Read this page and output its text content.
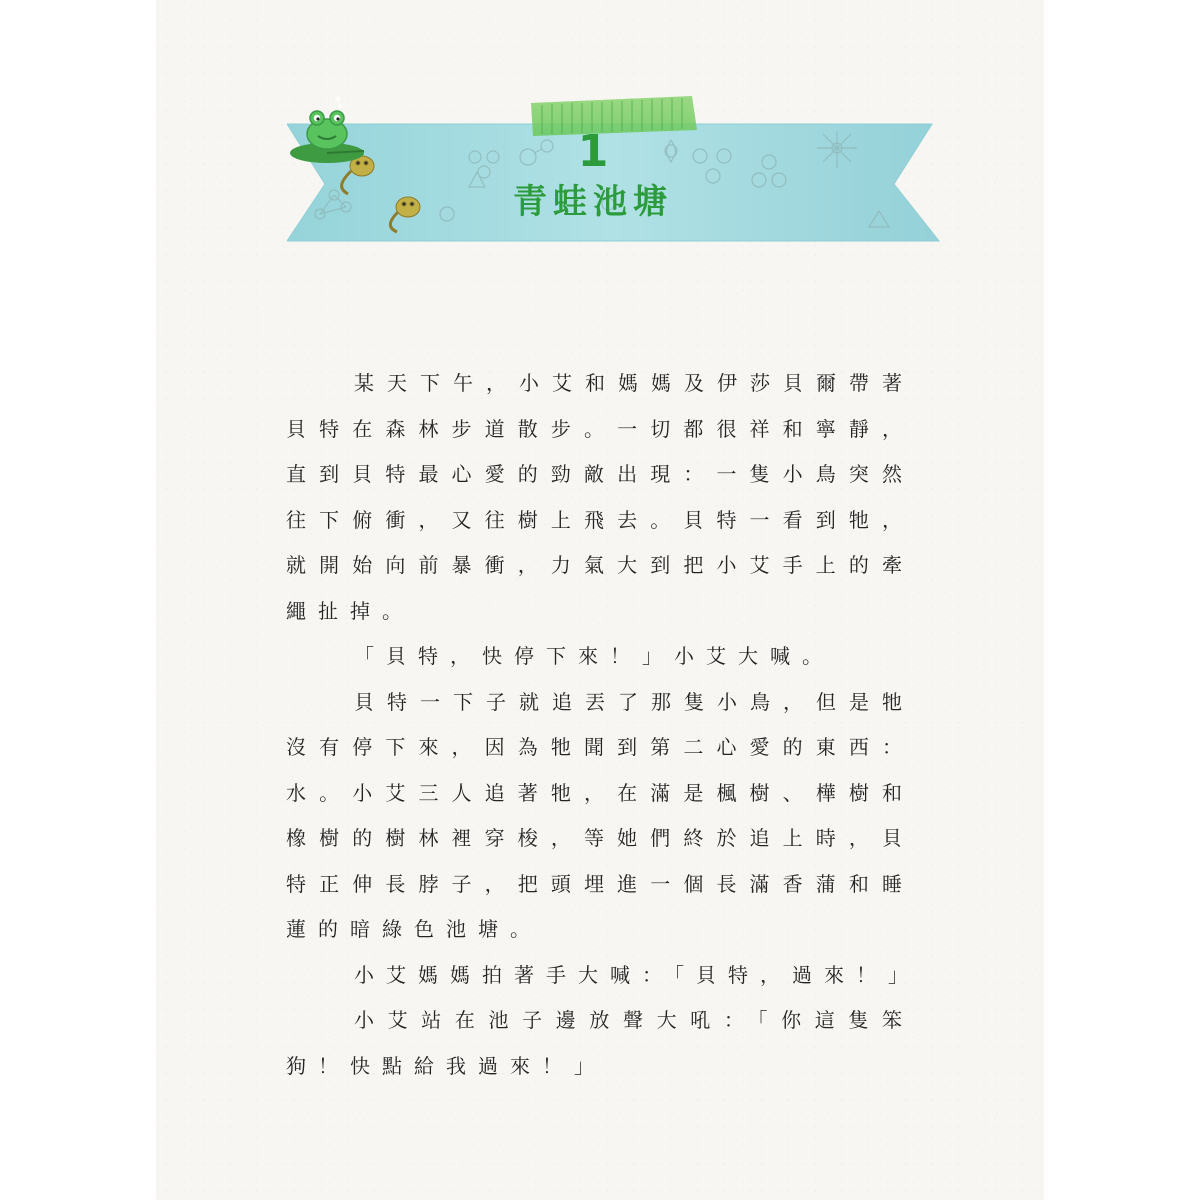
1
青蛙池塘

某天下午，小艾和媽媽及伊莎貝爾帶著貝特在森林步道散步。一切都很祥和寧靜，直到貝特最心愛的勁敵出現：一隻小鳥突然往下俯衝，又往樹上飛去。貝特一看到牠，就開始向前暴衝，力氣大到把小艾手上的牽繩扯掉。

「貝特，快停下來！」小艾大喊。

貝特一下子就追丟了那隻小鳥，但是牠沒有停下來，因為牠聞到第二心愛的東西：水。小艾三人追著牠，在滿是楓樹、樺樹和橡樹的樹林裡穿梭，等她們終於追上時，貝特正伸長脖子，把頭埋進一個長滿香蒲和睡蓮的暗綠色池塘。

小艾媽媽拍著手大喊：「貝特，過來！」

小艾站在池子邊放聲大吼：「你這隻笨狗！快點給我過來！」
